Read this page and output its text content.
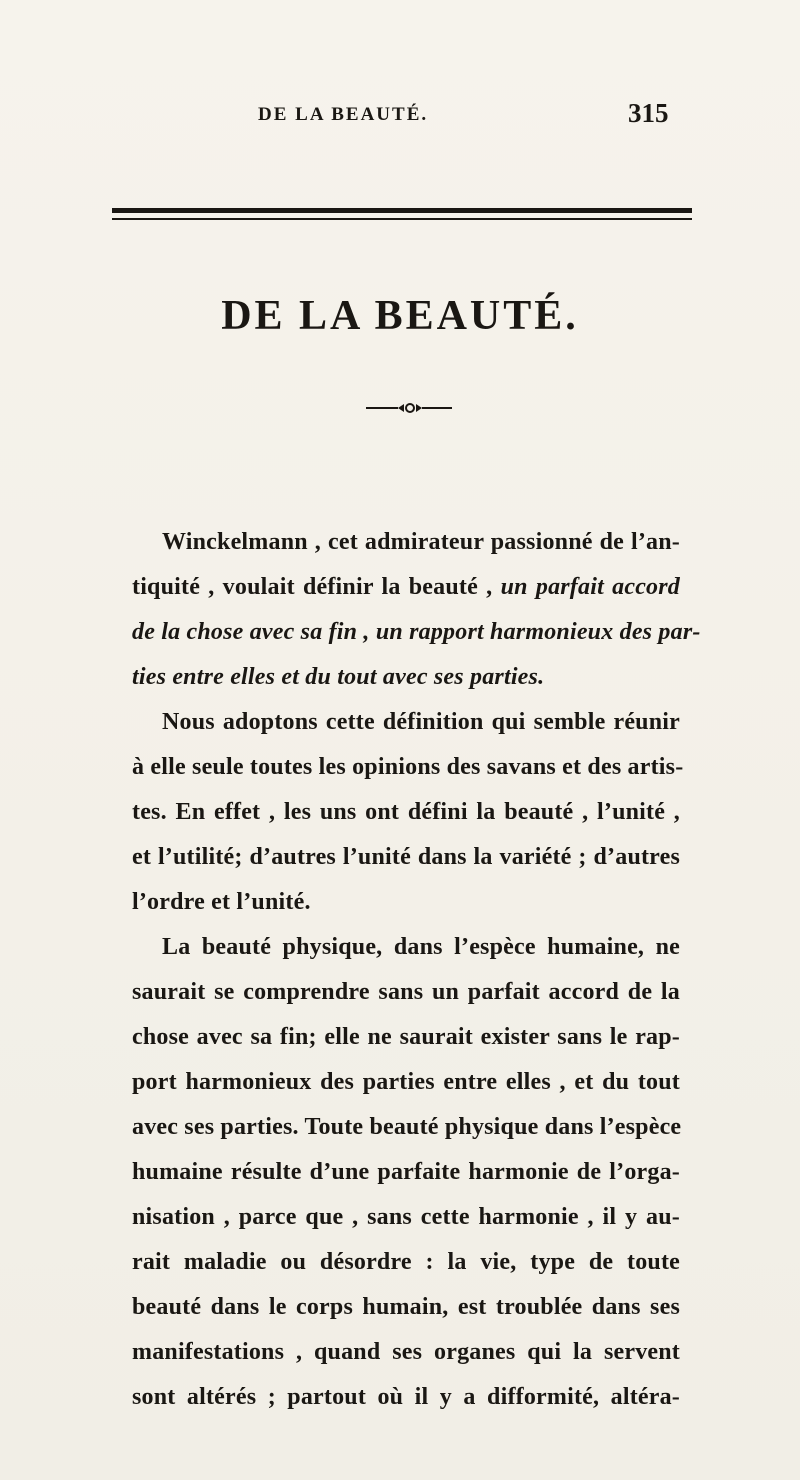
DE LA BEAUTÉ.	315
DE LA BEAUTÉ.
Winckelmann , cet admirateur passionné de l’an-
tiquité , voulait définir la beauté , un parfait accord
de la chose avec sa fin , un rapport harmonieux des par-
ties entre elles et du tout avec ses parties.
Nous adoptons cette définition qui semble réunir
à elle seule toutes les opinions des savans et des artis-
tes. En effet , les uns ont défini la beauté , l’unité ,
et l’utilité; d’autres l’unité dans la variété ; d’autres
l’ordre et l’unité.
La beauté physique, dans l’espèce humaine, ne
saurait se comprendre sans un parfait accord de la
chose avec sa fin; elle ne saurait exister sans le rap-
port harmonieux des parties entre elles , et du tout
avec ses parties. Toute beauté physique dans l’espèce
humaine résulte d’une parfaite harmonie de l’orga-
nisation , parce que , sans cette harmonie , il y au-
rait maladie ou désordre : la vie, type de toute
beauté dans le corps humain, est troublée dans ses
manifestations , quand ses organes qui la servent
sont altérés ; partout où il y a difformité, altéra-
